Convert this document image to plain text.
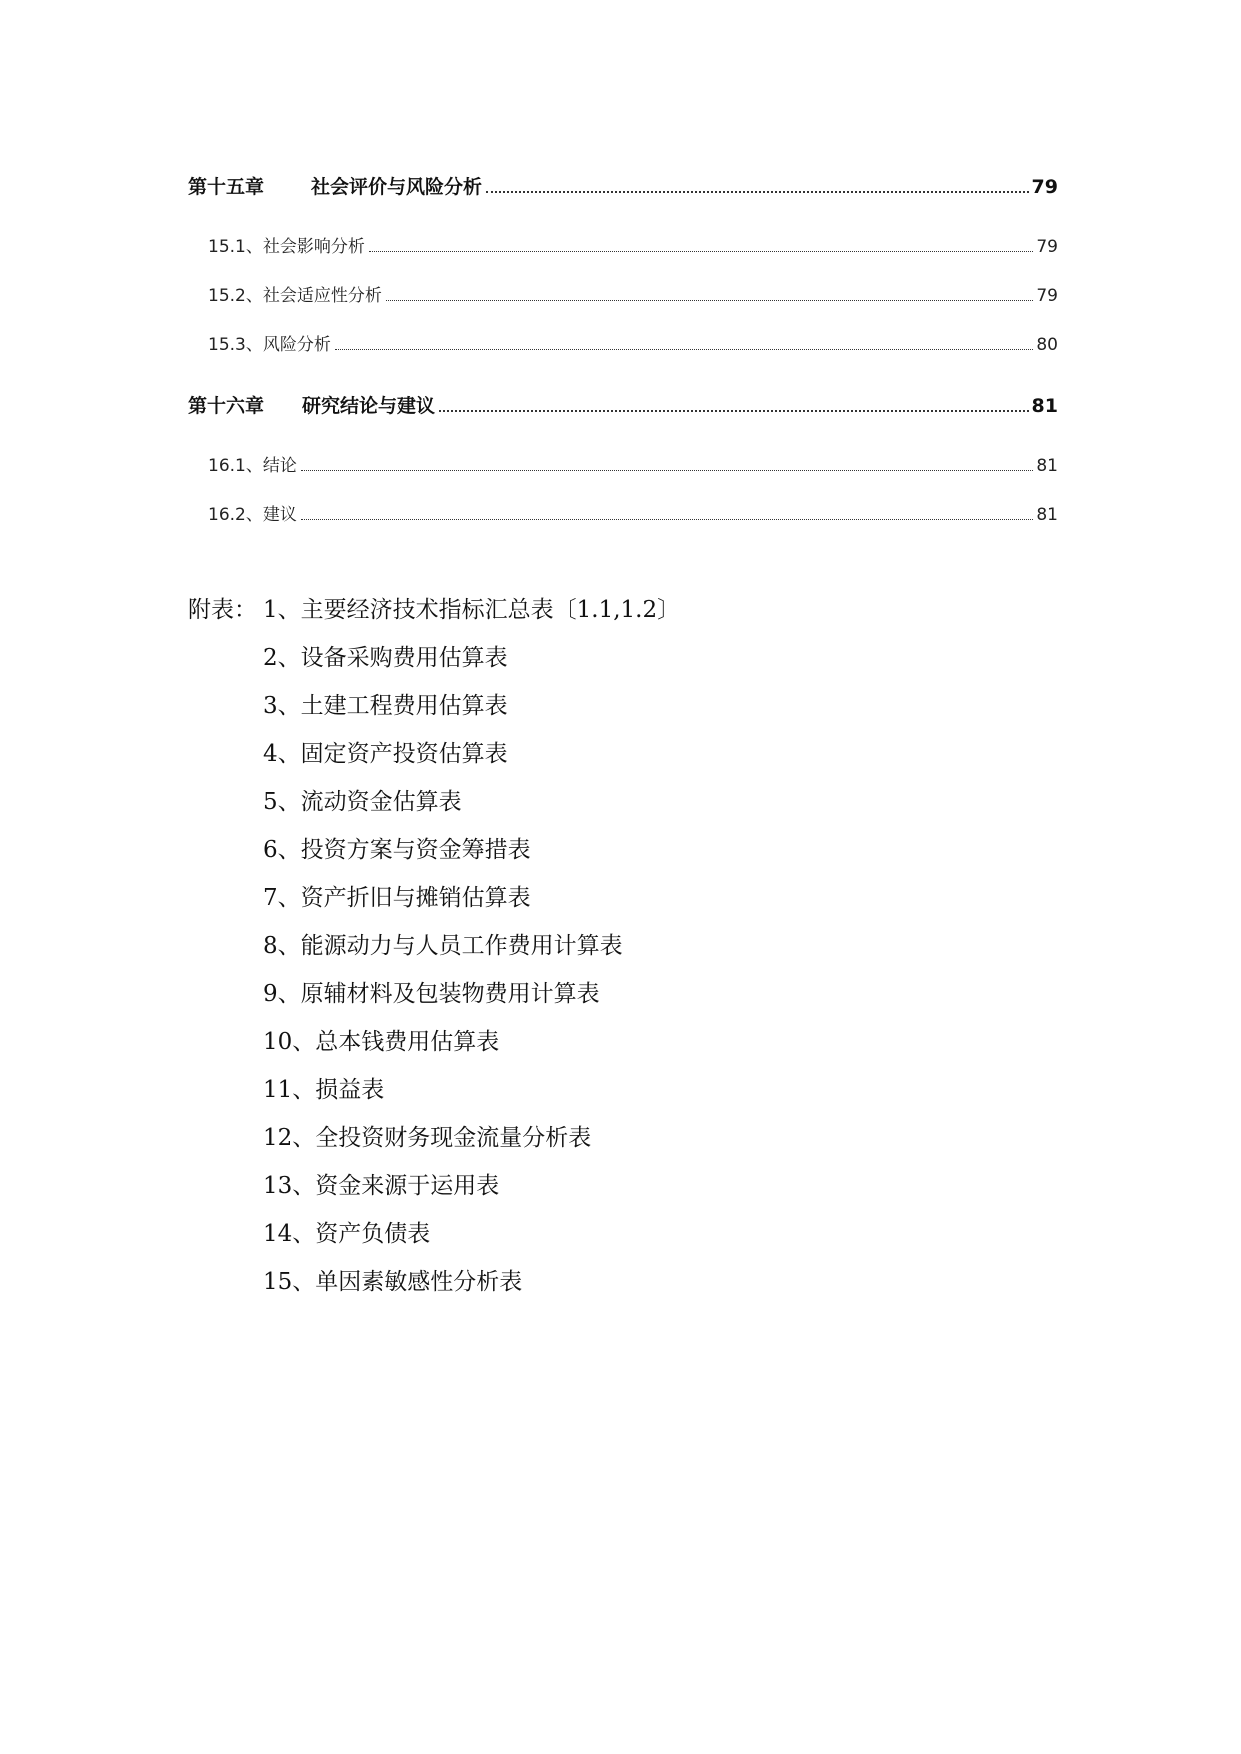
第十五章	社会评价与风险分析	79
15.1、 社会影响分析	79
15.2、 社会适应性分析	79
15.3、 风险分析	80
第十六章	研究结论与建议	81
16.1、 结论	81
16.2、 建议	81
附表： 1、主要经济技术指标汇总表〔1.1,1.2〕
2、设备采购费用估算表
3、土建工程费用估算表
4、固定资产投资估算表
5、流动资金估算表
6、投资方案与资金筹措表
7、资产折旧与摊销估算表
8、能源动力与人员工作费用计算表
9、原辅材料及包装物费用计算表
10、总本钱费用估算表
11、损益表
12、全投资财务现金流量分析表
13、资金来源于运用表
14、资产负债表
15、单因素敏感性分析表
